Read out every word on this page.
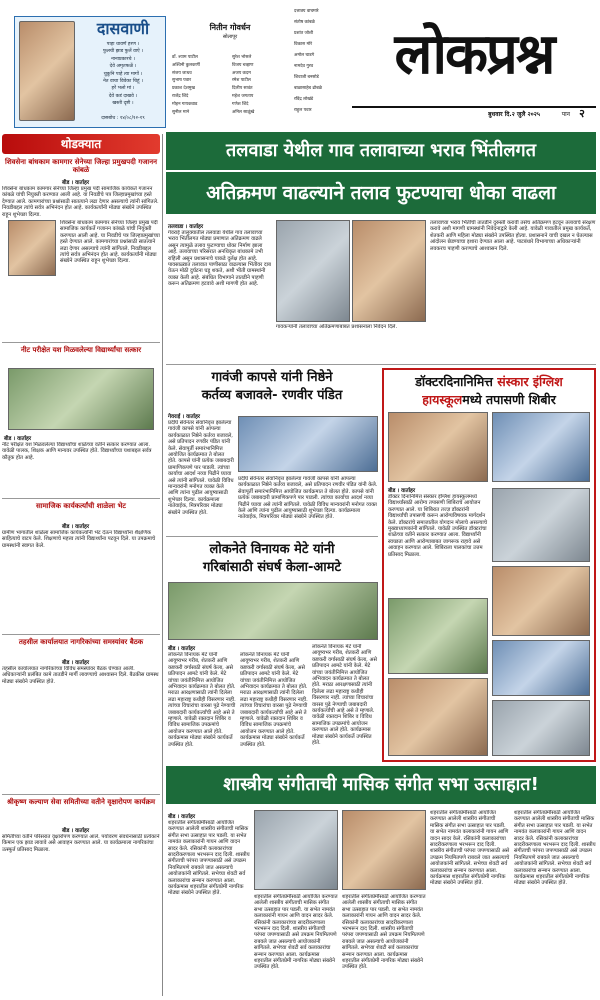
दासवाणी
पाहा धावणें हरण ।
फुलची झाड फुलें वाऐ ।
नानाप्रकारचे ।
देवे अमृतफळें ।
चुकुनि पाहे त्या मागों ।
नेत वाचा विवेका चिहूं ।
हरें भलो मां ।
देवे कडं दाखवे ।
खस्ती दृष्टी ।
दासबोध : १४/०८/१२-१९
नितीन गोवर्धन
सोलापूर
डॉ. श्याम पाटील
अश्विनी कुलकर्णी
संजय जाधव
सुभाष पवार
प्रकाश देशमुख
राजेंद्र शिंदे
मोहन गायकवाड
सुनील माने
सुरेश भोसले
विजय चव्हाण
अजय कदम
रमेश पाटील
दिलीप सावंत
महेश जगताप
गणेश शिंदे
अनिल साळुंखे
दत्तात्रय वाघमारे
संतोष कांबळे
प्रशांत जोशी
विकास मोरे
अमोल घाडगे
नामदेव गुरव
शिवाजी बनसोडे
बाळासाहेब ढोबळे
रविंद्र लोखंडे
राहुल पवार
लोकप्रश्न
बुधवार दि.२ जुलै २०२५	पान २
थोडक्यात
शिवसेना बांधकाम कामगार सेनेच्या जिल्हा प्रमुखपदी गजानन कांबळे
बीड । वार्ताहर
शिवसेना बांधकाम कामगार सेनेच्या जिल्हा प्रमुख पदी सामाजिक कार्यकर्ते गजानन कांबळे यांची नियुक्ती करण्यात आली आहे. या निवडीचे पत्र जिल्हाप्रमुखांच्या हस्ते देण्यात आले. कामगारांच्या प्रश्नांसाठी सातत्याने लढा देणार असल्याचे त्यांनी सांगितले. निवडीबद्दल त्यांचे सर्वत्र अभिनंदन होत आहे. कार्यकर्त्यांनी मोठ्या संख्येने उपस्थित राहून शुभेच्छा दिल्या.
शिवसेना बांधकाम कामगार सेनेच्या जिल्हा प्रमुख पदी सामाजिक कार्यकर्ते गजानन कांबळे यांची नियुक्ती करण्यात आली आहे. या निवडीचे पत्र जिल्हाप्रमुखांच्या हस्ते देण्यात आले. कामगारांच्या प्रश्नांसाठी सातत्याने लढा देणार असल्याचे त्यांनी सांगितले. निवडीबद्दल त्यांचे सर्वत्र अभिनंदन होत आहे. कार्यकर्त्यांनी मोठ्या संख्येने उपस्थित राहून शुभेच्छा दिल्या.
नीट परीक्षेत यश मिळवलेल्या विद्यार्थ्यांचा सत्कार
बीड । वार्ताहर
नीट परीक्षेत यश मिळवलेल्या विद्यार्थ्यांचा शाळेच्या वतीने सत्कार करण्यात आला. यावेळी पालक, शिक्षक आणि मान्यवर उपस्थित होते. विद्यार्थ्यांच्या यशाबद्दल सर्वत्र कौतुक होत आहे.
सामाजिक कार्यकर्त्यांची शाळेला भेट
बीड । वार्ताहर
ग्रामीण भागातील शाळेला सामाजिक कार्यकर्त्यांनी भेट देऊन विद्यार्थ्यांना शैक्षणिक साहित्याचे वाटप केले. शिक्षणाचे महत्त्व त्यांनी विद्यार्थ्यांना पटवून दिले. या उपक्रमाचे ग्रामस्थांनी स्वागत केले.
तहसील कार्यालयात नागरिकांच्या समस्यांवर बैठक
बीड । वार्ताहर
तहसील कार्यालयात नागरिकांच्या विविध समस्यांवर बैठक घेण्यात आली. अधिकाऱ्यांनी प्रलंबित कामे तातडीने मार्गी लावण्याचे आश्वासन दिले. बैठकीस ग्रामस्थ मोठ्या संख्येने उपस्थित होते.
श्रीकृष्ण कल्याण सेवा समितीच्या वतीने वृक्षारोपण कार्यक्रम
बीड । वार्ताहर
समितीच्या वतीने परिसरात वृक्षारोपण करण्यात आले. पर्यावरण संवर्धनासाठी प्रत्येकाने किमान एक झाड लावावे असे आवाहन करण्यात आले. या कार्यक्रमाला नागरिकांचा उत्स्फूर्त प्रतिसाद मिळाला.
तलवाडा येथील गाव तलावाच्या भराव भिंतीलगत
अतिक्रमण वाढल्याने तलाव फुटण्याचा धोका वाढला
तलवाडा । वार्ताहर
गेवराई तालुक्यातील तलवाडा येथील गाव तलावाच्या भराव भिंतीलगत मोठ्या प्रमाणात अतिक्रमण वाढले असून त्यामुळे तलाव फुटण्याचा धोका निर्माण झाला आहे. तलावाच्या परिसरात अनधिकृत बांधकामे उभी राहिली असून प्रशासनाचे याकडे दुर्लक्ष होत आहे. पावसाळ्यात तलावात पाणीसाठा वाढल्यास भिंतीवर दाब येऊन मोठी दुर्घटना घडू शकते, अशी भीती ग्रामस्थांनी व्यक्त केली आहे. संबंधित विभागाने तातडीने पाहणी करून अतिक्रमण हटवावे अशी मागणी होत आहे.
गावकऱ्यांनी तलावाच्या अतिक्रमणाबाबत प्रशासनाला निवेदन दिले.
तलावाच्या भराव भिंतीची तातडीने दुरुस्ती करावी तसेच अतिक्रमण हटवून तलावाचे संरक्षण करावे अशी मागणी ग्रामस्थांनी निवेदनाद्वारे केली आहे. यावेळी गावातील प्रमुख कार्यकर्ते, शेतकरी आणि महिला मोठ्या संख्येने उपस्थित होत्या. प्रशासनाने याची दखल न घेतल्यास आंदोलन छेडण्याचा इशारा देण्यात आला आहे. पाटबंधारे विभागाच्या अधिकाऱ्यांनी लवकरच पाहणी करण्याचे आश्वासन दिले.
गावंजी कापसे यांनी निष्ठेने
कर्तव्य बजावले- रणवीर पंडित
गेवराई । वार्ताहर
प्रदीर्घ सेवेनंतर सेवानिवृत्त झालेल्या गावंजी कापसे यांनी आपल्या कार्यकाळात निष्ठेने कर्तव्य बजावले, असे प्रतिपादन रणवीर पंडित यांनी केले. सेवापूर्ती समारंभानिमित्त आयोजित कार्यक्रमात ते बोलत होते. कापसे यांनी प्रत्येक जबाबदारी प्रामाणिकपणे पार पाडली. त्यांच्या कार्याचा आदर्श नव्या पिढीने घ्यावा असे त्यांनी सांगितले. यावेळी विविध मान्यवरांनी मनोगत व्यक्त केले आणि त्यांना पुढील आयुष्यासाठी शुभेच्छा दिल्या. कार्यक्रमाला नातेवाईक, मित्रपरिवार मोठ्या संख्येने उपस्थित होते.
प्रदीर्घ सेवेनंतर सेवानिवृत्त झालेल्या गावंजी कापसे यांनी आपल्या कार्यकाळात निष्ठेने कर्तव्य बजावले, असे प्रतिपादन रणवीर पंडित यांनी केले. सेवापूर्ती समारंभानिमित्त आयोजित कार्यक्रमात ते बोलत होते. कापसे यांनी प्रत्येक जबाबदारी प्रामाणिकपणे पार पाडली. त्यांच्या कार्याचा आदर्श नव्या पिढीने घ्यावा असे त्यांनी सांगितले. यावेळी विविध मान्यवरांनी मनोगत व्यक्त केले आणि त्यांना पुढील आयुष्यासाठी शुभेच्छा दिल्या. कार्यक्रमाला नातेवाईक, मित्रपरिवार मोठ्या संख्येने उपस्थित होते.
लोकनेते विनायक मेटे यांनी
गरिबांसाठी संघर्ष केला-आमटे
बीड । वार्ताहर
लोकनेते विनायक मेटे यांनी आयुष्यभर गरीब, शेतकरी आणि कष्टकरी वर्गासाठी संघर्ष केला, असे प्रतिपादन आमटे यांनी केले. मेटे यांच्या जयंतीनिमित्त आयोजित अभिवादन कार्यक्रमात ते बोलत होते. मराठा आरक्षणासाठी त्यांनी दिलेला लढा महाराष्ट्र कधीही विसरणार नाही. त्यांच्या विचारांचा वारसा पुढे नेण्याची जबाबदारी कार्यकर्त्यांची आहे असे ते म्हणाले. यावेळी रक्तदान शिबिर व विविध सामाजिक उपक्रमांचे आयोजन करण्यात आले होते. कार्यक्रमास मोठ्या संख्येने कार्यकर्ते उपस्थित होते.
लोकनेते विनायक मेटे यांनी आयुष्यभर गरीब, शेतकरी आणि कष्टकरी वर्गासाठी संघर्ष केला, असे प्रतिपादन आमटे यांनी केले. मेटे यांच्या जयंतीनिमित्त आयोजित अभिवादन कार्यक्रमात ते बोलत होते. मराठा आरक्षणासाठी त्यांनी दिलेला लढा महाराष्ट्र कधीही विसरणार नाही. त्यांच्या विचारांचा वारसा पुढे नेण्याची जबाबदारी कार्यकर्त्यांची आहे असे ते म्हणाले. यावेळी रक्तदान शिबिर व विविध सामाजिक उपक्रमांचे आयोजन करण्यात आले होते. कार्यक्रमास मोठ्या संख्येने कार्यकर्ते उपस्थित होते.
लोकनेते विनायक मेटे यांनी आयुष्यभर गरीब, शेतकरी आणि कष्टकरी वर्गासाठी संघर्ष केला, असे प्रतिपादन आमटे यांनी केले. मेटे यांच्या जयंतीनिमित्त आयोजित अभिवादन कार्यक्रमात ते बोलत होते. मराठा आरक्षणासाठी त्यांनी दिलेला लढा महाराष्ट्र कधीही विसरणार नाही. त्यांच्या विचारांचा वारसा पुढे नेण्याची जबाबदारी कार्यकर्त्यांची आहे असे ते म्हणाले. यावेळी रक्तदान शिबिर व विविध सामाजिक उपक्रमांचे आयोजन करण्यात आले होते. कार्यक्रमास मोठ्या संख्येने कार्यकर्ते उपस्थित होते.
डॉक्टरदिनानिमित्त संस्कार इंग्लिश
हायस्कूलमध्ये तपासणी शिबीर
बीड । वार्ताहर
डॉक्टर दिनानिमित्त संस्कार इंग्लिश हायस्कूलमध्ये विद्यार्थ्यांसाठी आरोग्य तपासणी शिबिराचे आयोजन करण्यात आले. या शिबिरात तज्ज्ञ डॉक्टरांनी विद्यार्थ्यांची तपासणी करून आरोग्यविषयक मार्गदर्शन केले. डॉक्टरांचे समाजातील योगदान मोलाचे असल्याचे मुख्याध्यापकांनी सांगितले. यावेळी उपस्थित डॉक्टरांचा शाळेच्या वतीने सत्कार करण्यात आला. विद्यार्थ्यांनी स्वच्छता आणि आरोग्याबाबत जागरूक राहावे असे आवाहन करण्यात आले. शिबिराला पालकांचा उत्तम प्रतिसाद मिळाला.
शास्त्रीय संगीताची मासिक संगीत सभा उत्साहात!
बीड । वार्ताहर
शहरातील संगीतप्रेमींसाठी आयोजित करण्यात आलेली शास्त्रीय संगीताची मासिक संगीत सभा उत्साहात पार पडली. या सभेत नामवंत कलाकारांनी गायन आणि वादन सादर केले. रसिकांनी कलाकारांच्या सादरीकरणाला भरभरून दाद दिली. शास्त्रीय संगीताची परंपरा जपण्यासाठी असे उपक्रम नियमितपणे राबवले जात असल्याचे आयोजकांनी सांगितले. सभेच्या शेवटी सर्व कलाकारांचा सन्मान करण्यात आला. कार्यक्रमास शहरातील संगीतप्रेमी नागरिक मोठ्या संख्येने उपस्थित होते.
शहरातील संगीतप्रेमींसाठी आयोजित करण्यात आलेली शास्त्रीय संगीताची मासिक संगीत सभा उत्साहात पार पडली. या सभेत नामवंत कलाकारांनी गायन आणि वादन सादर केले. रसिकांनी कलाकारांच्या सादरीकरणाला भरभरून दाद दिली. शास्त्रीय संगीताची परंपरा जपण्यासाठी असे उपक्रम नियमितपणे राबवले जात असल्याचे आयोजकांनी सांगितले. सभेच्या शेवटी सर्व कलाकारांचा सन्मान करण्यात आला. कार्यक्रमास शहरातील संगीतप्रेमी नागरिक मोठ्या संख्येने उपस्थित होते.
शहरातील संगीतप्रेमींसाठी आयोजित करण्यात आलेली शास्त्रीय संगीताची मासिक संगीत सभा उत्साहात पार पडली. या सभेत नामवंत कलाकारांनी गायन आणि वादन सादर केले. रसिकांनी कलाकारांच्या सादरीकरणाला भरभरून दाद दिली. शास्त्रीय संगीताची परंपरा जपण्यासाठी असे उपक्रम नियमितपणे राबवले जात असल्याचे आयोजकांनी सांगितले. सभेच्या शेवटी सर्व कलाकारांचा सन्मान करण्यात आला. कार्यक्रमास शहरातील संगीतप्रेमी नागरिक मोठ्या संख्येने उपस्थित होते.
शहरातील संगीतप्रेमींसाठी आयोजित करण्यात आलेली शास्त्रीय संगीताची मासिक संगीत सभा उत्साहात पार पडली. या सभेत नामवंत कलाकारांनी गायन आणि वादन सादर केले. रसिकांनी कलाकारांच्या सादरीकरणाला भरभरून दाद दिली. शास्त्रीय संगीताची परंपरा जपण्यासाठी असे उपक्रम नियमितपणे राबवले जात असल्याचे आयोजकांनी सांगितले. सभेच्या शेवटी सर्व कलाकारांचा सन्मान करण्यात आला. कार्यक्रमास शहरातील संगीतप्रेमी नागरिक मोठ्या संख्येने उपस्थित होते.
शहरातील संगीतप्रेमींसाठी आयोजित करण्यात आलेली शास्त्रीय संगीताची मासिक संगीत सभा उत्साहात पार पडली. या सभेत नामवंत कलाकारांनी गायन आणि वादन सादर केले. रसिकांनी कलाकारांच्या सादरीकरणाला भरभरून दाद दिली. शास्त्रीय संगीताची परंपरा जपण्यासाठी असे उपक्रम नियमितपणे राबवले जात असल्याचे आयोजकांनी सांगितले. सभेच्या शेवटी सर्व कलाकारांचा सन्मान करण्यात आला. कार्यक्रमास शहरातील संगीतप्रेमी नागरिक मोठ्या संख्येने उपस्थित होते.
